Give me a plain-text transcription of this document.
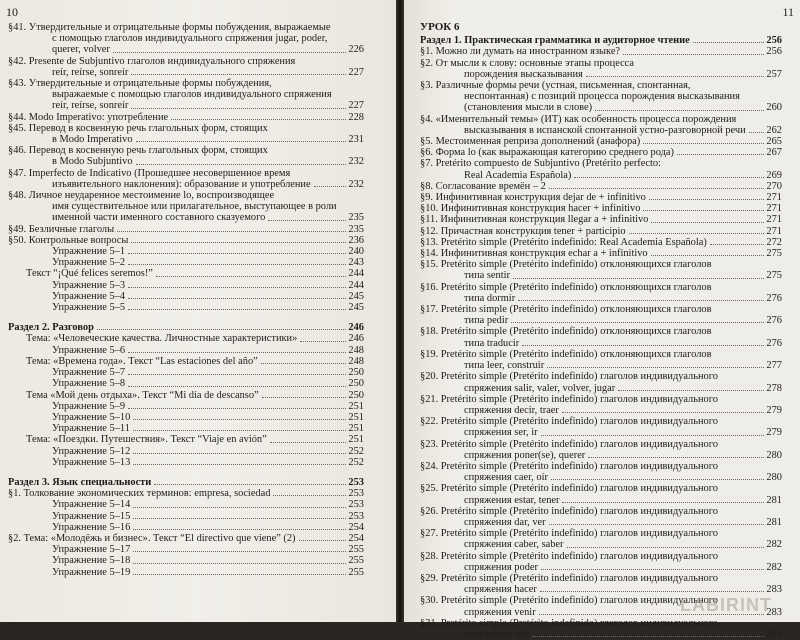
10
§41. Утвердительные и отрицательные формы побуждения, выражаемые
с помощью глаголов индивидуального спряжения jugar, poder,
querer, volver	226
§42. Presente de Subjuntivo глаголов индивидуального спряжения
reír, reírse, sonreír	227
§43. Утвердительные и отрицательные формы побуждения,
выражаемые с помощью глаголов индивидуального спряжения
reír, reírse, sonreír	227
§44. Modo Imperativo: употребление	228
§45. Перевод в косвенную речь глагольных форм, стоящих
в Modo Imperativo	231
§46. Перевод в косвенную речь глагольных форм, стоящих
в Modo Subjuntivo	232
§47. Imperfecto de Indicativo (Прошедшее несовершенное время
изъявительного наклонения): образование и употребление	232
§48. Личное неударенное местоимение lo, воспроизводящее
имя существительное или прилагательное, выступающее в роли
именной части именного составного сказуемого	235
§49. Безличные глаголы	235
§50. Контрольные вопросы	236
Упражнение 5–1	240
Упражнение 5–2	243
Текст “¡Qué felices seremos!”	244
Упражнение 5–3	244
Упражнение 5–4	245
Упражнение 5–5	245
Раздел 2. Разговор	246
Тема: «Человеческие качества. Личностные характеристики»	246
Упражнение 5–6	248
Тема: «Времена года». Текст “Las estaciones del año”	248
Упражнение 5–7	250
Упражнение 5–8	250
Тема «Мой день отдыха». Текст “Mi día de descanso”	250
Упражнение 5–9	251
Упражнение 5–10	251
Упражнение 5–11	251
Тема: «Поездки. Путешествия». Текст “Viaje en avión”	251
Упражнение 5–12	252
Упражнение 5–13	252
Раздел 3. Язык специальности	253
§1. Толкование экономических терминов: empresa, sociedad	253
Упражнение 5–14	253
Упражнение 5–15	253
Упражнение 5–16	254
§2. Тема: «Молодёжь и бизнес». Текст “El directivo que viene” (2)	254
Упражнение 5–17	255
Упражнение 5–18	255
Упражнение 5–19	255
11
УРОК 6
Раздел 1. Практическая грамматика и аудиторное чтение	256
§1. Можно ли думать на иностранном языке?	256
§2. От мысли к слову: основные этапы процесса
порождения высказывания	257
§3. Различные формы речи (устная, письменная, спонтанная,
неспонтанная) с позиций процесса порождения высказывания
(становления мысли в слове)	260
§4. «Именительный темы» (ИТ) как особенность процесса порождения
высказывания в испанской спонтанной устно-разговорной речи 262
§5. Местоименная репризa дополнений (анафора)	265
§6. Форма lo (как выражающая категорию среднего рода)	267
§7. Pretérito compuesto de Subjuntivo (Pretérito perfecto:
Real Academia Española)	269
§8. Согласование времён – 2	270
§9. Инфинитивная конструкция dejar de + infinitivo	271
§10. Инфинитивная конструкция hacer + infinitivo	271
§11. Инфинитивная конструкция llegar a + infinitivo	271
§12. Причастная конструкция tener + participio	271
§13. Pretérito simple (Pretérito indefinido: Real Academia Española)	272
§14. Инфинитивная конструкция echar a + infinitivo	275
§15. Pretérito simple (Pretérito indefinido) отклоняющихся глаголов
типа sentir	275
§16. Pretérito simple (Pretérito indefinido) отклоняющихся глаголов
типа dormir	276
§17. Pretérito simple (Pretérito indefinido) отклоняющихся глаголов
типа pedir	276
§18. Pretérito simple (Pretérito indefinido) отклоняющихся глаголов
типа traducir	276
§19. Pretérito simple (Pretérito indefinido) отклоняющихся глаголов
типа leer, construir	277
§20. Pretérito simple (Pretérito indefinido) глаголов индивидуального
спряжения salir, valer, volver, jugar	278
§21. Pretérito simple (Pretérito indefinido) глаголов индивидуального
спряжения decir, traer	279
§22. Pretérito simple (Pretérito indefinido) глаголов индивидуального
спряжения ser, ir	279
§23. Pretérito simple (Pretérito indefinido) глаголов индивидуального
спряжения poner(se), querer	280
§24. Pretérito simple (Pretérito indefinido) глаголов индивидуального
спряжения caer, oír	280
§25. Pretérito simple (Pretérito indefinido) глаголов индивидуального
спряжения estar, tener	281
§26. Pretérito simple (Pretérito indefinido) глаголов индивидуального
спряжения dar, ver	281
§27. Pretérito simple (Pretérito indefinido) глаголов индивидуального
спряжения caber, saber	282
§28. Pretérito simple (Pretérito indefinido) глаголов индивидуального
спряжения poder	282
§29. Pretérito simple (Pretérito indefinido) глаголов индивидуального
спряжения hacer	283
§30. Pretérito simple (Pretérito indefinido) глаголов индивидуального
спряжения venir	283
§31. Pretérito simple (Pretérito indefinido) глаголов индивидуального
спряжения reír	284
LABIRINT
